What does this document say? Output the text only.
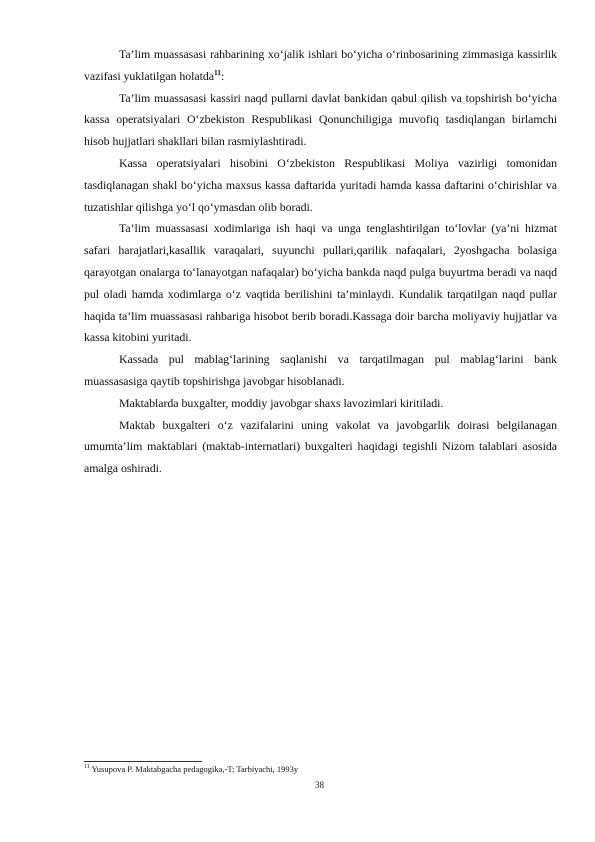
Ta’lim muassasasi rahbarining xo‘jalik ishlari bo‘yicha o‘rinbosarining zimmasiga kassirlik vazifasi yuklatilgan holatda$^{11}$:

Ta’lim muassasasi kassiri naqd pullarni davlat bankidan qabul qilish va topshirish bo‘yicha kassa operatsiyalari O‘zbekiston Respublikasi Qonunchiligiga muvofiq tasdiqlangan birlamchi hisob hujjatlari shakllari bilan rasmiylashtiradi.

Kassa operatsiyalari hisobini O‘zbekiston Respublikasi Moliya vazirligi tomonidan tasdiqlanagan shakl bo‘yicha maxsus kassa daftarida yuritadi hamda kassa daftarini o‘chirishlar va tuzatishlar qilishga yo‘l qo‘ymasdan olib boradi.

Ta’lim muassasasi xodimlariga ish haqi va unga tenglashtirilgan to‘lovlar (ya’ni hizmat safari harajatlari,kasallik varaqalari, suyunchi pullari,qarilik nafaqalari, 2yoshgacha bolasiga qarayotgan onalarga to‘lanayotgan nafaqalar) bo‘yicha bankda naqd pulga buyurtma beradi va naqd pul oladi hamda xodimlarga o‘z vaqtida berilishini ta’minlaydi. Kundalik tarqatilgan naqd pullar haqida ta’lim muassasasi rahbariga hisobot berib boradi.Kassaga doir barcha moliyaviy hujjatlar va kassa kitobini yuritadi.

Kassada pul mablag‘larining saqlanishi va tarqatilmagan pul mablag‘larini bank muassasasiga qaytib topshirishga javobgar hisoblanadi.

Maktablarda buxgalter, moddiy javobgar shaxs lavozimlari kiritiladi.

Maktab buxgalteri o‘z vazifalarini uning vakolat va javobgarlik doirasi belgilanagan umumta’lim maktablari (maktab-internatlari) buxgalteri haqidagi tegishli Nizom talablari asosida amalga oshiradi.

$^{11}$ Yusupova P. Maktabgacha pedagogika,-T; Tarbiyachi, 1993y
38
